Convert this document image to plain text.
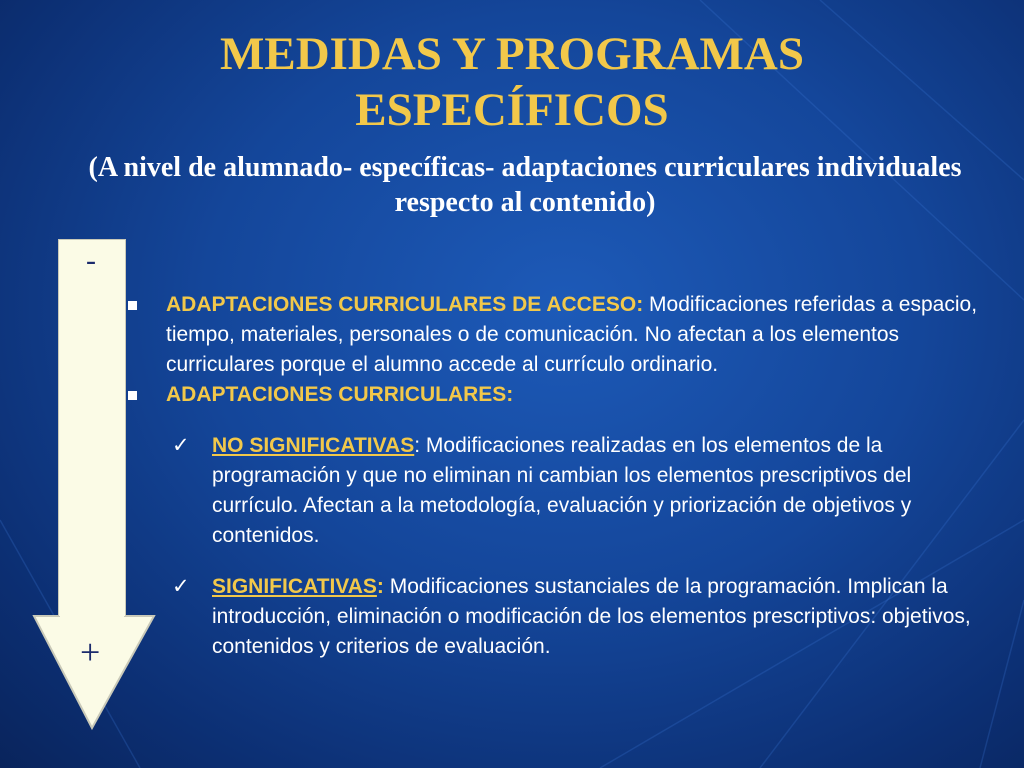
MEDIDAS Y PROGRAMAS
ESPECÍFICOS
(A nivel de alumnado- específicas- adaptaciones curriculares individuales respecto al contenido)
-
+

ADAPTACIONES CURRICULARES DE ACCESO: Modificaciones referidas a espacio, tiempo, materiales, personales o de comunicación. No afectan a los elementos curriculares porque el alumno accede al currículo ordinario.

ADAPTACIONES CURRICULARES:

✓	NO SIGNIFICATIVAS: Modificaciones realizadas en los elementos de la programación y que no eliminan ni cambian los elementos prescriptivos del currículo. Afectan a la metodología, evaluación y priorización de objetivos y contenidos.

✓	SIGNIFICATIVAS: Modificaciones sustanciales de la programación. Implican la introducción, eliminación o modificación de los elementos prescriptivos: objetivos, contenidos y criterios de evaluación.
